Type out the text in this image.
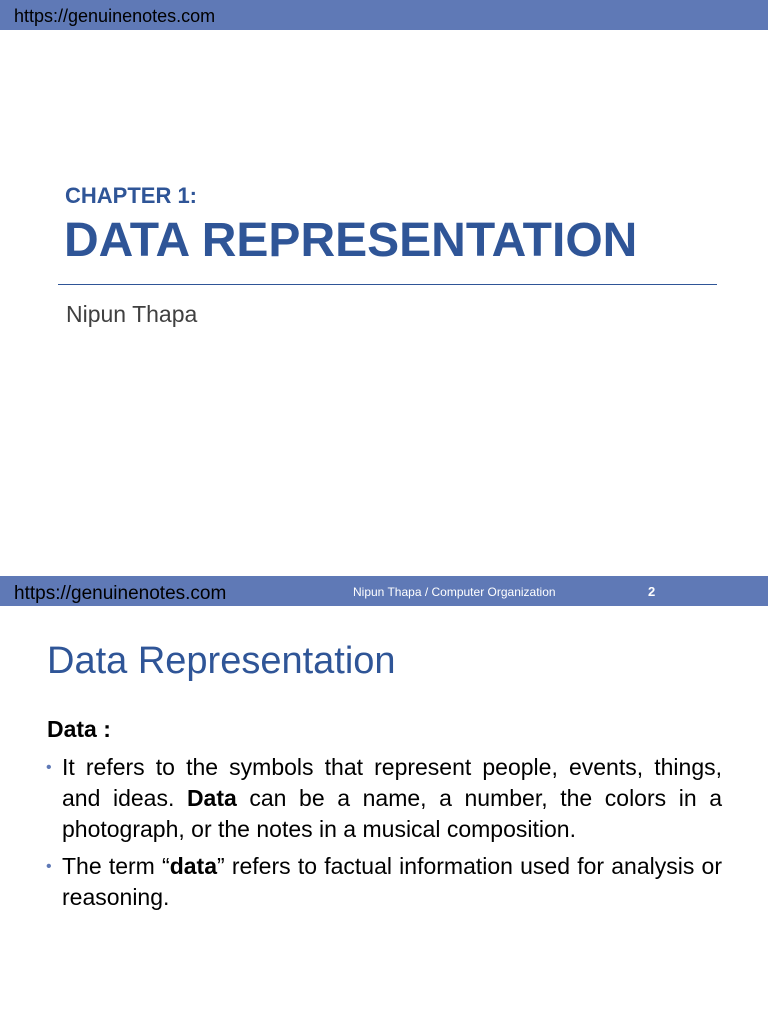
https://genuinenotes.com
CHAPTER 1:
DATA REPRESENTATION
Nipun Thapa
https://genuinenotes.com	Nipun Thapa / Computer Organization	2
Data Representation
Data :
• It refers to the symbols that represent people, events, things, and ideas. Data can be a name, a number, the colors in a photograph, or the notes in a musical composition.
• The term “data” refers to factual information used for analysis or reasoning.
